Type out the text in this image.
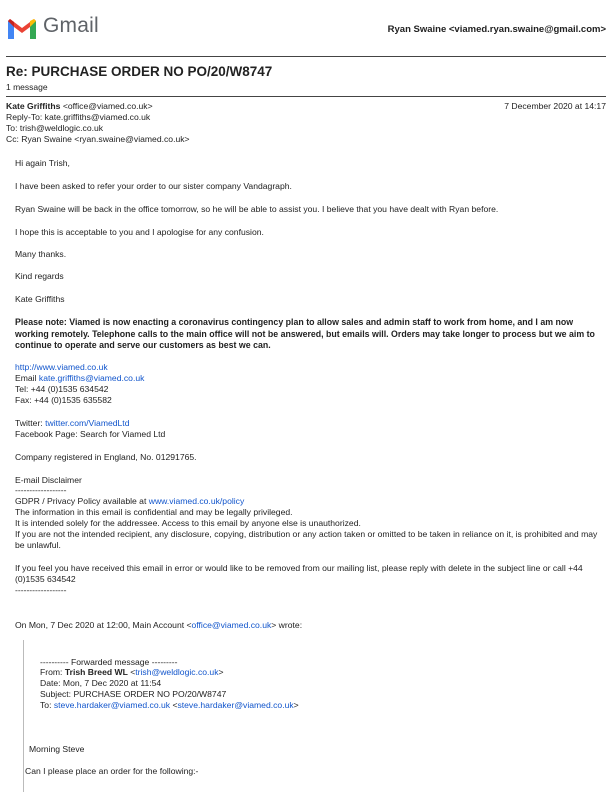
Gmail	Ryan Swaine <viamed.ryan.swaine@gmail.com>
Re: PURCHASE ORDER NO PO/20/W8747
1 message
Kate Griffiths <office@viamed.co.uk>	7 December 2020 at 14:17
Reply-To: kate.griffiths@viamed.co.uk
To: trish@weldlogic.co.uk
Cc: Ryan Swaine <ryan.swaine@viamed.co.uk>
Hi again Trish,
I have been asked to refer your order to our sister company Vandagraph.
Ryan Swaine will be back in the office tomorrow, so he will be able to assist you. I believe that you have dealt with Ryan before.
I hope this is acceptable to you and I apologise for any confusion.
Many thanks.
Kind regards
Kate Griffiths
Please note: Viamed is now enacting a coronavirus contingency plan to allow sales and admin staff to work from home, and I am now working remotely. Telephone calls to the main office will not be answered, but emails will. Orders may take longer to process but we aim to continue to operate and serve our customers as best we can.
http://www.viamed.co.uk
Email kate.griffiths@viamed.co.uk
Tel: +44 (0)1535 634542
Fax: +44 (0)1535 635582
Twitter: twitter.com/ViamedLtd
Facebook Page: Search for Viamed Ltd
Company registered in England, No. 01291765.
E-mail Disclaimer
------------------
GDPR / Privacy Policy available at www.viamed.co.uk/policy
The information in this email is confidential and may be legally privileged.
It is intended solely for the addressee. Access to this email by anyone else is unauthorized.
If you are not the intended recipient, any disclosure, copying, distribution or any action taken or omitted to be taken in reliance on it, is prohibited and may be unlawful.
If you feel you have received this email in error or would like to be removed from our mailing list, please reply with delete in the subject line or call +44 (0)1535 634542
------------------
On Mon, 7 Dec 2020 at 12:00, Main Account <office@viamed.co.uk> wrote:
---------- Forwarded message ---------
From: Trish Breed WL <trish@weldlogic.co.uk>
Date: Mon, 7 Dec 2020 at 11:54
Subject: PURCHASE ORDER NO PO/20/W8747
To: steve.hardaker@viamed.co.uk <steve.hardaker@viamed.co.uk>
Morning Steve
Can I please place an order for the following:-
